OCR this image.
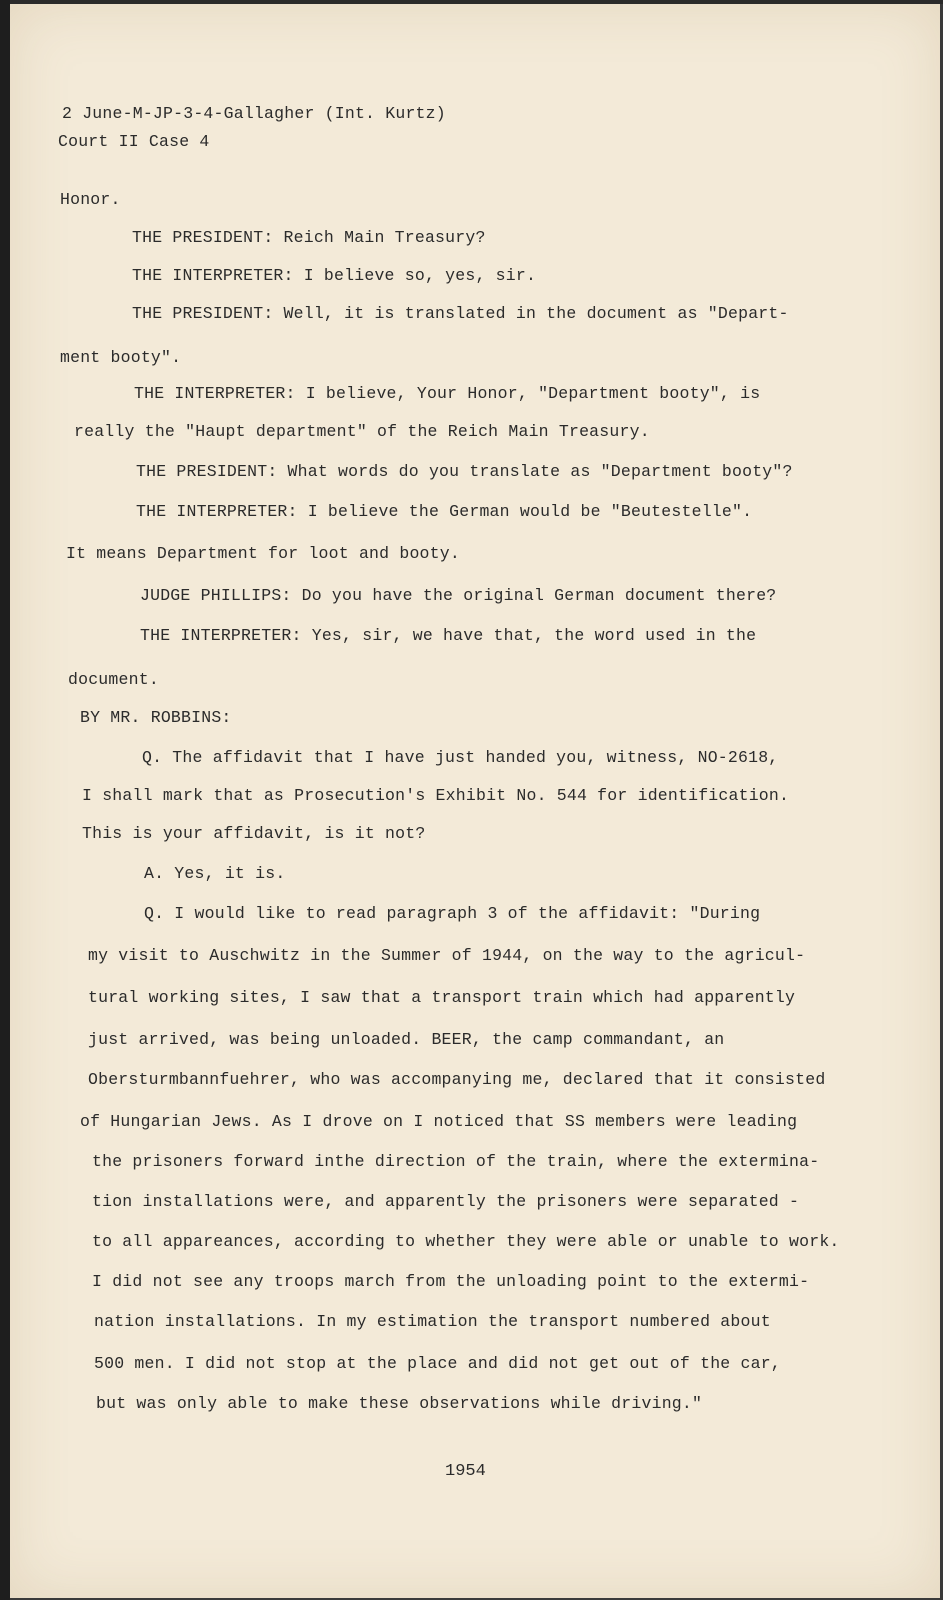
2 June-M-JP-3-4-Gallagher (Int. Kurtz)
Court II Case 4
Honor.
THE PRESIDENT: Reich Main Treasury?
THE INTERPRETER: I believe so, yes, sir.
THE PRESIDENT: Well, it is translated in the document as "Depart-
ment booty".
THE INTERPRETER: I believe, Your Honor, "Department booty", is
really the "Haupt department" of the Reich Main Treasury.
THE PRESIDENT: What words do you translate as "Department booty"?
THE INTERPRETER: I believe the German would be "Beutestelle".
It means Department for loot and booty.
JUDGE PHILLIPS: Do you have the original German document there?
THE INTERPRETER: Yes, sir, we have that, the word used in the
document.
BY MR. ROBBINS:
Q. The affidavit that I have just handed you, witness, NO-2618,
I shall mark that as Prosecution's Exhibit No. 544 for identification.
This is your affidavit, is it not?
A. Yes, it is.
Q. I would like to read paragraph 3 of the affidavit: "During
my visit to Auschwitz in the Summer of 1944, on the way to the agricul-
tural working sites, I saw that a transport train which had apparently
just arrived, was being unloaded. BEER, the camp commandant, an
Obersturmbannfuehrer, who was accompanying me, declared that it consisted
of Hungarian Jews. As I drove on I noticed that SS members were leading
the prisoners forward inthe direction of the train, where the extermina-
tion installations were, and apparently the prisoners were separated -
to all appareances, according to whether they were able or unable to work.
I did not see any troops march from the unloading point to the extermi-
nation installations. In my estimation the transport numbered about
500 men. I did not stop at the place and did not get out of the car,
but was only able to make these observations while driving."
1954
